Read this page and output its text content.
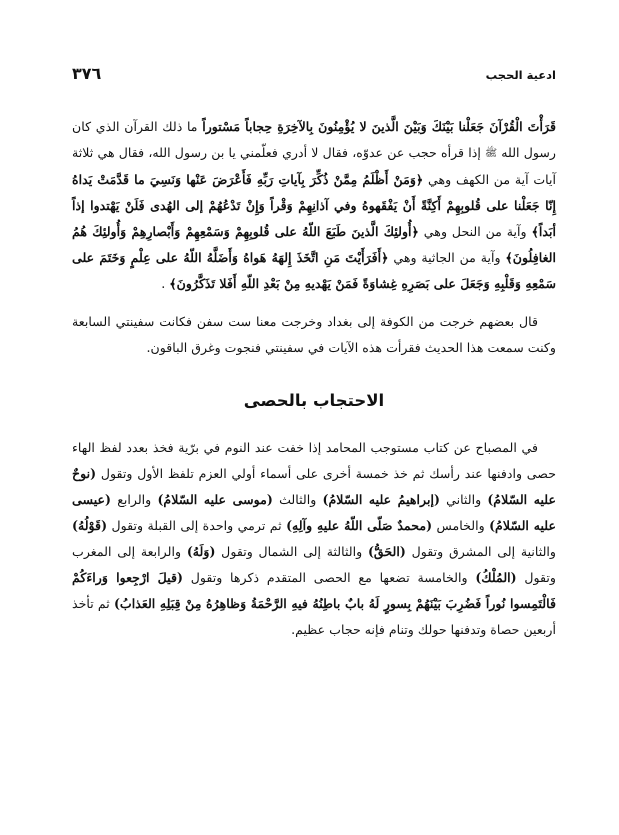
ادعية الحجب
٣٧٦

قَرَأْتَ الْقُرْآنَ جَعَلْنا بَيْنَكَ وَبَيْنَ الَّذينَ لا يُؤْمِنُونَ بِالآخِرَةِ حِجاباً مَسْتوراً ما ذلك القرآن الذي كان رسول الله ﷺ إذا قرأه حجب عن عدوّه، فقال لا أدري فعلّمني يا بن رسول الله، فقال هي ثلاثة آيات آية من الكهف وهي ﴿وَمَنْ أَظْلَمُ مِمَّنْ ذُكِّرَ بِآياتِ رَبِّهِ فَأَعْرَضَ عَنْها وَنَسِيَ ما قَدَّمَتْ يَداهُ إِنّا جَعَلْنا على قُلوبِهِمْ أَكِنَّةً أَنْ يَفْقَهوهُ وفي آذانِهِمْ وَقْراً وَإِنْ تَدْعُهُمْ إلى الهُدى فَلَنْ يَهْتدوا إذاً أبَداً﴾ وآية من النحل وهي ﴿أُولئِكَ الَّذينَ طَبَعَ اللّهُ على قُلوبِهِمْ وَسَمْعِهِمْ وَأَبْصارِهِمْ وَأُولئِكَ هُمُ الغافِلُونَ﴾ وآية من الجاثية وهي ﴿أَفَرَأَيْتَ مَنِ اتَّخَذَ إِلهَهُ هَواهُ وَأَضَلَّهُ اللّهُ على عِلْمٍ وَخَتَمَ على سَمْعِهِ وَقَلْبِهِ وَجَعَلَ على بَصَرِهِ غِشاوَةً فَمَنْ يَهْديهِ مِنْ بَعْدِ اللّهِ أَفَلا تَذَكَّرُونَ﴾ .

قال بعضهم خرجت من الكوفة إلى بغداد وخرجت معنا ست سفن فكانت سفينتي السابعة وكنت سمعت هذا الحديث فقرأت هذه الآيات في سفينتي فنجوت وغرق الباقون.

الاحتجاب بالحصى

في المصباح عن كتاب مستوجب المحامد إذا خفت عند النوم في برّية فخذ بعدد لفظ الهاء حصى وادفنها عند رأسك ثم خذ خمسة أخرى على أسماء أولي العزم تلفظ الأول وتقول (نوحٌ عليه السّلامُ) والثاني (إبراهيمُ عليه السّلامُ) والثالث (موسى عليه السّلامُ) والرابع (عيسى عليه السّلامُ) والخامس (محمدٌ صَلّى اللّهُ عليهِ وآلِهِ) ثم ترمي واحدة إلى القبلة وتقول (قَوْلُهُ) والثانية إلى المشرق وتقول (الحَقُّ) والثالثة إلى الشمال وتقول (وَلَهُ) والرابعة إلى المغرب وتقول (المُلْكُ) والخامسة تضعها مع الحصى المتقدم ذكرها وتقول (قيلَ ارْجِعوا وَراءَكُمْ فَالْتَمِسوا نُوراً فَضُرِبَ بَيْنَهُمْ بِسورٍ لَهُ بابٌ باطِنُهُ فيهِ الرَّحْمَةُ وَظاهِرُهُ مِنْ قِبَلِهِ العَذابُ) ثم تأخذ أربعين حصاة وتدفنها حولك وتنام فإنه حجاب عظيم.
